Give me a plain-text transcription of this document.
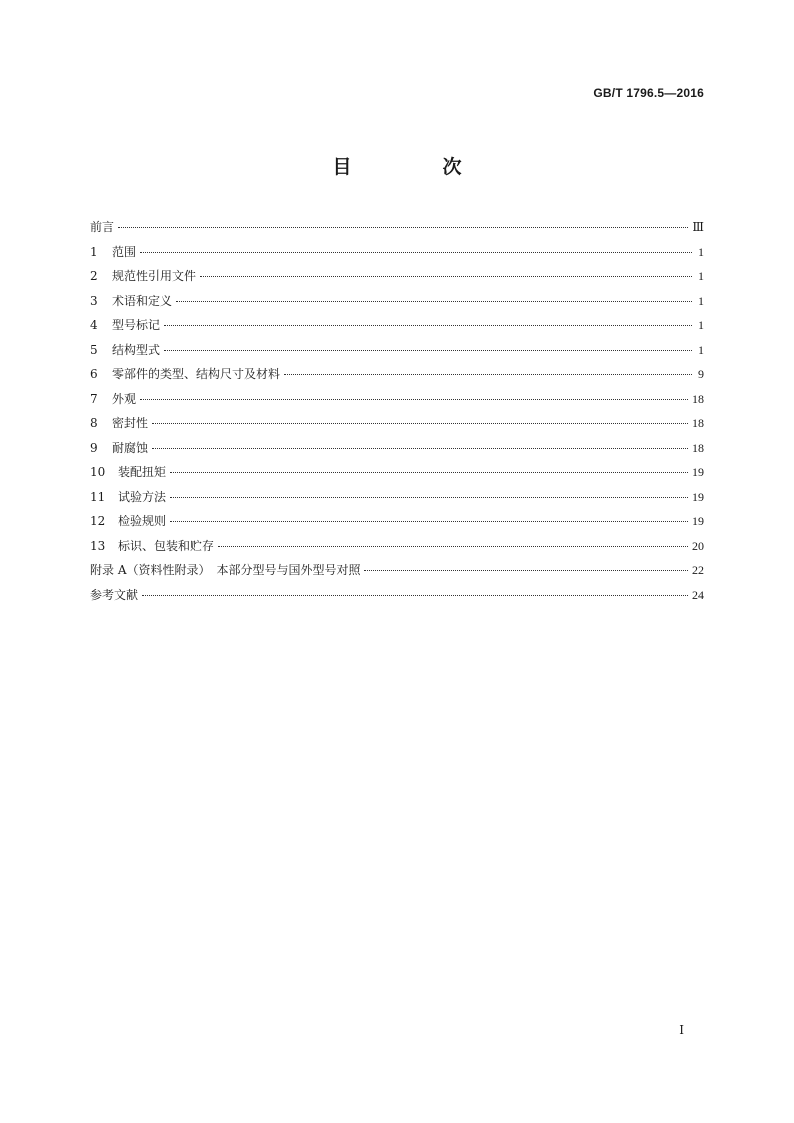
GB/T 1796.5—2016
目　次
前言	Ⅲ
1 范围	1
2 规范性引用文件	1
3 术语和定义	1
4 型号标记	1
5 结构型式	1
6 零部件的类型、结构尺寸及材料	9
7 外观	18
8 密封性	18
9 耐腐蚀	18
10 装配扭矩	19
11 试验方法	19
12 检验规则	19
13 标识、包装和贮存	20
附录 A（资料性附录）　本部分型号与国外型号对照	22
参考文献	24
Ⅰ
